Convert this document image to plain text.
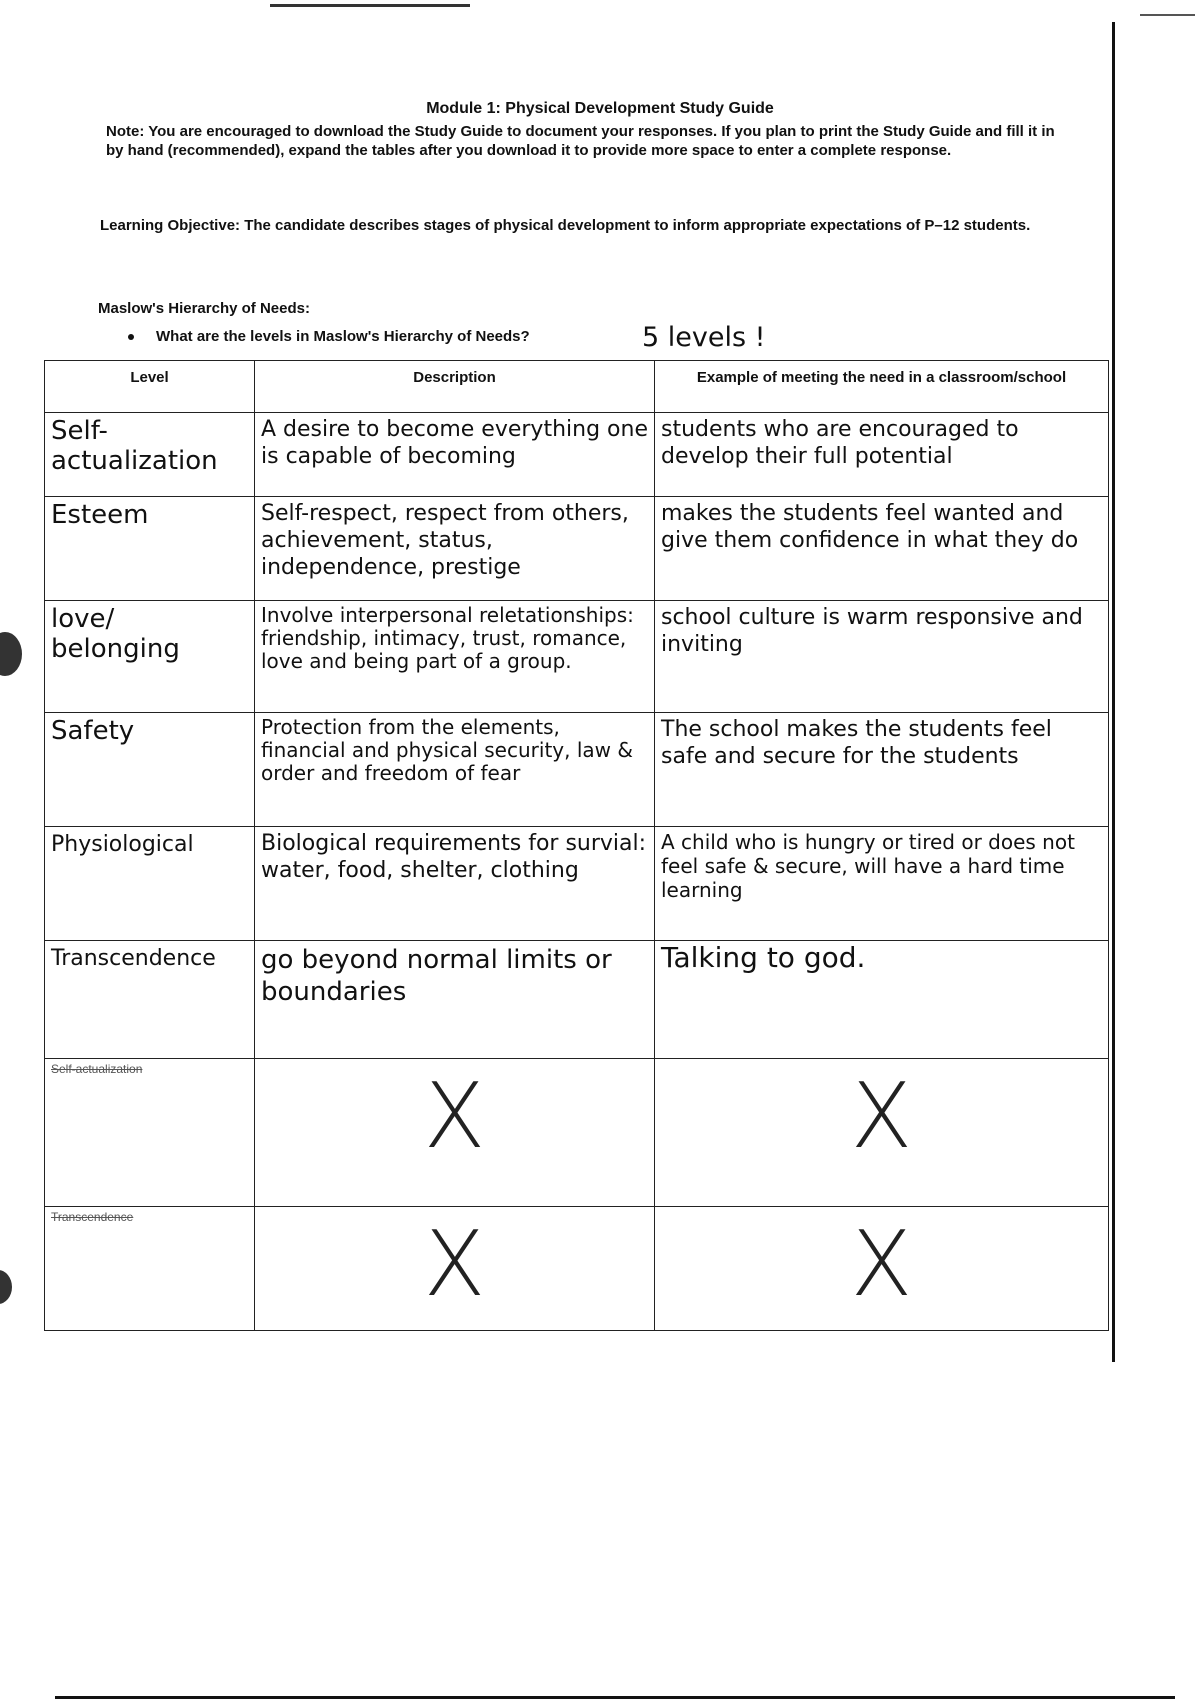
Module 1: Physical Development Study Guide
Note: You are encouraged to download the Study Guide to document your responses. If you plan to print the Study Guide and fill it in by hand (recommended), expand the tables after you download it to provide more space to enter a complete response.
Learning Objective: The candidate describes stages of physical development to inform appropriate expectations of P–12 students.
Maslow's Hierarchy of Needs:
What are the levels in Maslow's Hierarchy of Needs?	5 levels !
Level	Description	Example of meeting the need in a classroom/school
Self-actualization	A desire to become everything one is capable of becoming	students who are encouraged to develop their full potential
Esteem	Self-respect, respect from others, achievement, status, independence, prestige	makes the students feel wanted and give them confidence in what they do
love/ belonging	Involve interpersonal reletationships: friendship, intimacy, trust, romance, love and being part of a group.	school culture is warm responsive and inviting
Safety	Protection from the elements, financial and physical security, law & order and freedom of fear	The school makes the students feel safe and secure for the students
Physiological	Biological requirements for survial: water, food, shelter, clothing	A child who is hungry or tired or does not feel safe & secure, will have a hard time learning
Transcendence	go beyond normal limits or boundaries	Talking to god.
Self-actualization	X	X
Transcendence	X	X
